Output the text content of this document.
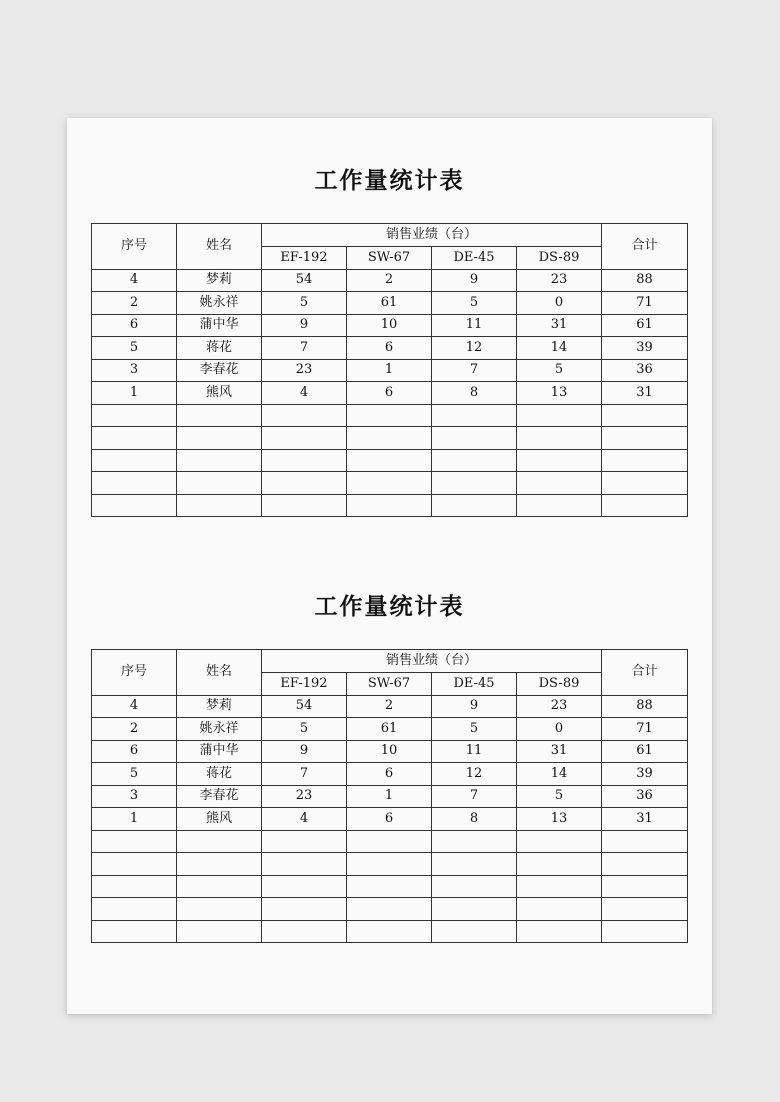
工作量统计表
序号	姓名	销售业绩（台）				合计
		EF-192	SW-67	DE-45	DS-89	
4	梦莉	54	2	9	23	88
2	姚永祥	5	61	5	0	71
6	蒲中华	9	10	11	31	61
5	蒋花	7	6	12	14	39
3	李春花	23	1	7	5	36
1	熊风	4	6	8	13	31

工作量统计表
序号	姓名	销售业绩（台）				合计
		EF-192	SW-67	DE-45	DS-89	
4	梦莉	54	2	9	23	88
2	姚永祥	5	61	5	0	71
6	蒲中华	9	10	11	31	61
5	蒋花	7	6	12	14	39
3	李春花	23	1	7	5	36
1	熊风	4	6	8	13	31
